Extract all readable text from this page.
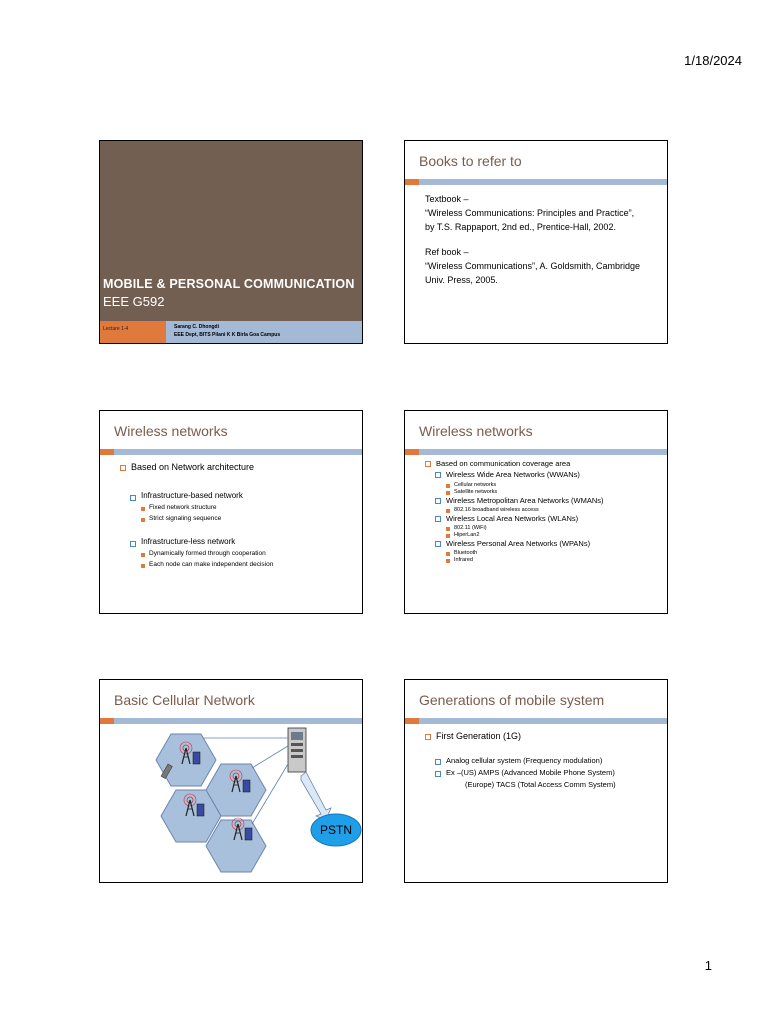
1/18/2024
MOBILE & PERSONAL COMMUNICATION
EEE G592
Lecture 1-4	Sarang C. Dhongdi
EEE Dept, BITS Pilani K K Birla Goa Campus
Books to refer to

Textbook –

“Wireless Communications: Principles and Practice”,

by T.S. Rappaport, 2nd ed., Prentice-Hall, 2002.

Ref book –

“Wireless Communications”, A. Goldsmith, Cambridge

Univ. Press, 2005.

Wireless networks
Based on Network architecture
Infrastructure-based network
Fixed network structure
Strict signaling sequence
Infrastructure-less network
Dynamically formed through cooperation
Each node can make independent decision
Wireless networks
Based on communication coverage area
Wireless Wide Area Networks (WWANs)
Cellular networks
Satellite networks
Wireless Metropolitan Area Networks (WMANs)
802.16 broadband wireless access
Wireless Local Area Networks (WLANs)
802.11 (WiFi)
HiperLan2
Wireless Personal Area Networks (WPANs)
Bluetooth
Infrared
Basic Cellular Network
PSTN
Generations of mobile system
First Generation (1G)
Analog cellular system (Frequency modulation)
Ex –(US) AMPS (Advanced Mobile Phone System)
(Europe) TACS (Total Access Comm System)
1
